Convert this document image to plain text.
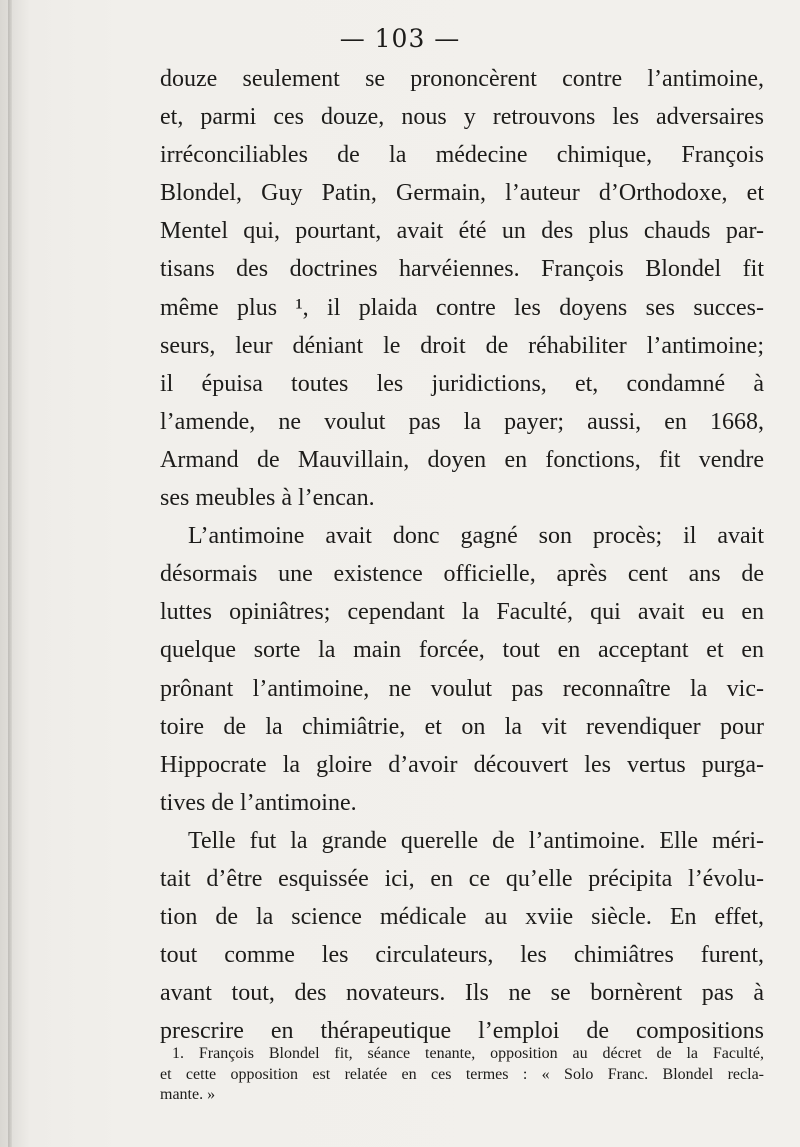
— 103 —
douze seulement se prononcèrent contre l’antimoine,
et, parmi ces douze, nous y retrouvons les adversaires
irréconciliables de la médecine chimique, François
Blondel, Guy Patin, Germain, l’auteur d’Orthodoxe, et
Mentel qui, pourtant, avait été un des plus chauds par-
tisans des doctrines harvéiennes. François Blondel fit
même plus ¹, il plaida contre les doyens ses succes-
seurs, leur déniant le droit de réhabiliter l’antimoine;
il épuisa toutes les juridictions, et, condamné à
l’amende, ne voulut pas la payer; aussi, en 1668,
Armand de Mauvillain, doyen en fonctions, fit vendre
ses meubles à l’encan.
L’antimoine avait donc gagné son procès; il avait
désormais une existence officielle, après cent ans de
luttes opiniâtres; cependant la Faculté, qui avait eu en
quelque sorte la main forcée, tout en acceptant et en
prônant l’antimoine, ne voulut pas reconnaître la vic-
toire de la chimiâtrie, et on la vit revendiquer pour
Hippocrate la gloire d’avoir découvert les vertus purga-
tives de l’antimoine.
Telle fut la grande querelle de l’antimoine. Elle méri-
tait d’être esquissée ici, en ce qu’elle précipita l’évolu-
tion de la science médicale au xviie siècle. En effet,
tout comme les circulateurs, les chimiâtres furent,
avant tout, des novateurs. Ils ne se bornèrent pas à
prescrire en thérapeutique l’emploi de compositions
1. François Blondel fit, séance tenante, opposition au décret de la Faculté,
et cette opposition est relatée en ces termes : « Solo Franc. Blondel recla-
mante. »
